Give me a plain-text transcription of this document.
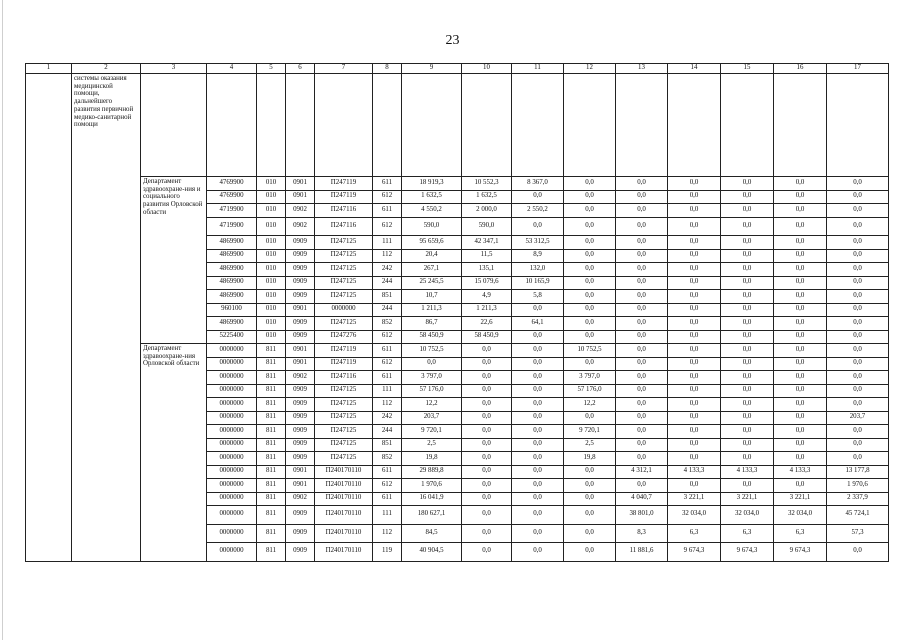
23
1	2	3	4	5	6	7	8	9	10	11	12	13	14	15	16	17
	системы оказания медицинской помощи, дальнейшего развития первичной медико-санитарной помощи															
		Департамент здравоохране-ния и социального развития Орловской области	4769900	010	0901	П247119	611	18 919,3	10 552,3	8 367,0	0,0	0,0	0,0	0,0	0,0	0,0
			4769900	010	0901	П247119	612	1 632,5	1 632,5	0,0	0,0	0,0	0,0	0,0	0,0	0,0
			4719900	010	0902	П247116	611	4 550,2	2 000,0	2 550,2	0,0	0,0	0,0	0,0	0,0	0,0
			4719900	010	0902	П247116	612	590,0	590,0	0,0	0,0	0,0	0,0	0,0	0,0	0,0
			4869900	010	0909	П247125	111	95 659,6	42 347,1	53 312,5	0,0	0,0	0,0	0,0	0,0	0,0
			4869900	010	0909	П247125	112	20,4	11,5	8,9	0,0	0,0	0,0	0,0	0,0	0,0
			4869900	010	0909	П247125	242	267,1	135,1	132,0	0,0	0,0	0,0	0,0	0,0	0,0
			4869900	010	0909	П247125	244	25 245,5	15 079,6	10 165,9	0,0	0,0	0,0	0,0	0,0	0,0
			4869900	010	0909	П247125	851	10,7	4,9	5,8	0,0	0,0	0,0	0,0	0,0	0,0
			960100	010	0901	0000000	244	1 211,3	1 211,3	0,0	0,0	0,0	0,0	0,0	0,0	0,0
			4869900	010	0909	П247125	852	86,7	22,6	64,1	0,0	0,0	0,0	0,0	0,0	0,0
			5225400	010	0909	П247276	612	58 450,9	58 450,9	0,0	0,0	0,0	0,0	0,0	0,0	0,0
		Департамент здравоохране-ния Орловской области	0000000	811	0901	П247119	611	10 752,5	0,0	0,0	10 752,5	0,0	0,0	0,0	0,0	0,0
			0000000	811	0901	П247119	612	0,0	0,0	0,0	0,0	0,0	0,0	0,0	0,0	0,0
			0000000	811	0902	П247116	611	3 797,0	0,0	0,0	3 797,0	0,0	0,0	0,0	0,0	0,0
			0000000	811	0909	П247125	111	57 176,0	0,0	0,0	57 176,0	0,0	0,0	0,0	0,0	0,0
			0000000	811	0909	П247125	112	12,2	0,0	0,0	12,2	0,0	0,0	0,0	0,0	0,0
			0000000	811	0909	П247125	242	203,7	0,0	0,0	0,0	0,0	0,0	0,0	0,0	203,7
			0000000	811	0909	П247125	244	9 720,1	0,0	0,0	9 720,1	0,0	0,0	0,0	0,0	0,0
			0000000	811	0909	П247125	851	2,5	0,0	0,0	2,5	0,0	0,0	0,0	0,0	0,0
			0000000	811	0909	П247125	852	19,8	0,0	0,0	19,8	0,0	0,0	0,0	0,0	0,0
			0000000	811	0901	П240170110	611	29 889,8	0,0	0,0	0,0	4 312,1	4 133,3	4 133,3	4 133,3	13 177,8
			0000000	811	0901	П240170110	612	1 970,6	0,0	0,0	0,0	0,0	0,0	0,0	0,0	1 970,6
			0000000	811	0902	П240170110	611	16 041,9	0,0	0,0	0,0	4 040,7	3 221,1	3 221,1	3 221,1	2 337,9
			0000000	811	0909	П240170110	111	180 627,1	0,0	0,0	0,0	38 801,0	32 034,0	32 034,0	32 034,0	45 724,1
			0000000	811	0909	П240170110	112	84,5	0,0	0,0	0,0	8,3	6,3	6,3	6,3	57,3
			0000000	811	0909	П240170110	119	40 904,5	0,0	0,0	0,0	11 881,6	9 674,3	9 674,3	9 674,3	0,0
